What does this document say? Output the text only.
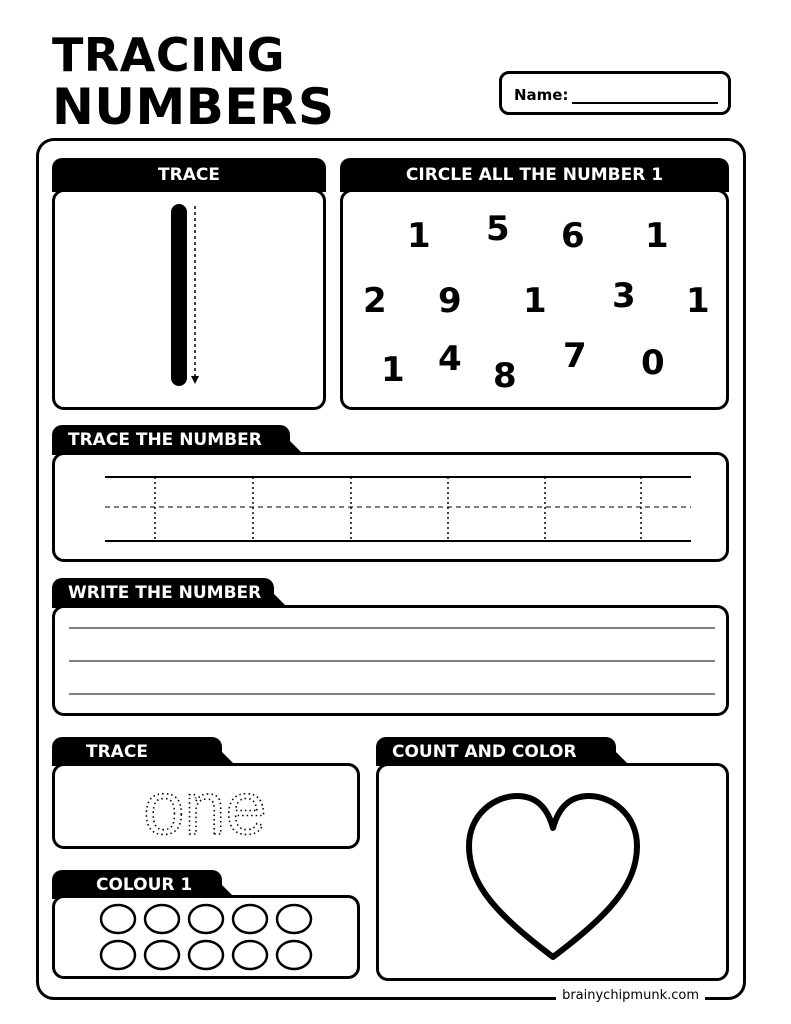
TRACING
NUMBERS	Name:
TRACE	CIRCLE ALL THE NUMBER 1
1 5 6 1
2 9 1 3 1
1 4 8 7 0
TRACE THE NUMBER
WRITE THE NUMBER
TRACE
one
COUNT AND COLOR
COLOUR 1
brainychipmunk.com
